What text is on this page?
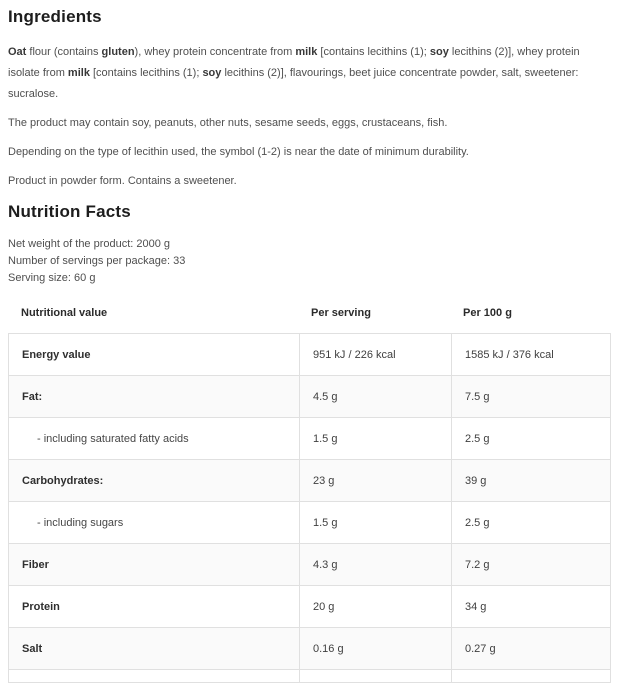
Ingredients

Oat flour (contains gluten), whey protein concentrate from milk [contains lecithins (1); soy lecithins (2)], whey protein isolate from milk [contains lecithins (1); soy lecithins (2)], flavourings, beet juice concentrate powder, salt, sweetener: sucralose.

The product may contain soy, peanuts, other nuts, sesame seeds, eggs, crustaceans, fish.

Depending on the type of lecithin used, the symbol (1-2) is near the date of minimum durability.

Product in powder form. Contains a sweetener.

Nutrition Facts

Net weight of the product: 2000 g

Number of servings per package: 33

Serving size: 60 g

Nutritional value	Per serving	Per 100 g
Energy value	951 kJ / 226 kcal	1585 kJ / 376 kcal
Fat:	4.5 g	7.5 g
- including saturated fatty acids	1.5 g	2.5 g
Carbohydrates:	23 g	39 g
- including sugars	1.5 g	2.5 g
Fiber	4.3 g	7.2 g
Protein	20 g	34 g
Salt	0.16 g	0.27 g
